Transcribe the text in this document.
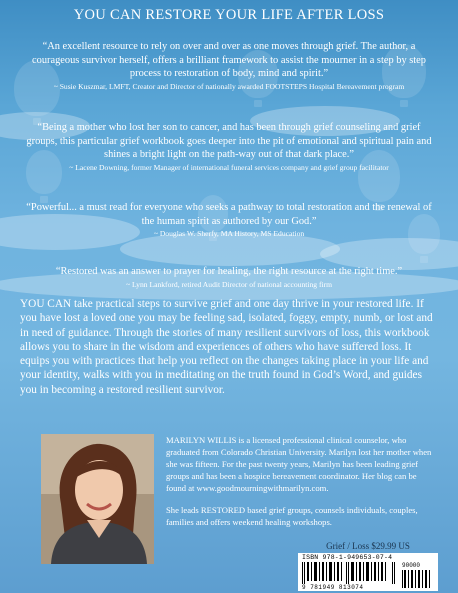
YOU CAN RESTORE YOUR LIFE AFTER LOSS
“An excellent resource to rely on over and over as one moves through grief. The author, a courageous survivor herself, offers a brilliant framework to assist the mourner in a step by step process to restoration of body, mind and spirit.”
~ Susie Kuszmar, LMFT, Creator and Director of nationally awarded FOOTSTEPS Hospital Bereavement program
“Being a mother who lost her son to cancer, and has been through grief counseling and grief groups, this particular grief workbook goes deeper into the pit of emotional and spiritual pain and shines a bright light on the path-way out of that dark place.”
~ Lacene Downing, former Manager of international funeral services company and grief group facilitator
“Powerful... a must read for everyone who seeks a pathway to total restoration and the renewal of the human spirit as authored by our God.”
~ Douglas W. Sherfy, MA History, MS Education
“Restored was an answer to prayer for healing, the right resource at the right time.”
~ Lynn Lankford, retired Audit Director of national accounting firm
YOU CAN take practical steps to survive grief and one day thrive in your restored life. If you have lost a loved one you may be feeling sad, isolated, foggy, empty, numb, or lost and in need of guidance. Through the stories of many resilient survivors of loss, this workbook allows you to share in the wisdom and experiences of others who have suffered loss. It equips you with practices that help you reflect on the changes taking place in your life and your identity, walks with you in meditating on the truth found in God’s Word, and guides you in becoming a restored resilient survivor.

MARILYN WILLIS is a licensed professional clinical counselor, who graduated from Colorado Christian University. Marilyn lost her mother when she was fifteen. For the past twenty years, Marilyn has been leading grief groups and has been a hospice bereavement coordinator. Her blog can be found at www.goodmourningwithmarilyn.com.

She leads RESTORED based grief groups, counsels individuals, couples, families and offers weekend healing workshops.

Grief / Loss $29.99 US
ISBN 978-1-949653-07-4
9 781949 813074
90000
